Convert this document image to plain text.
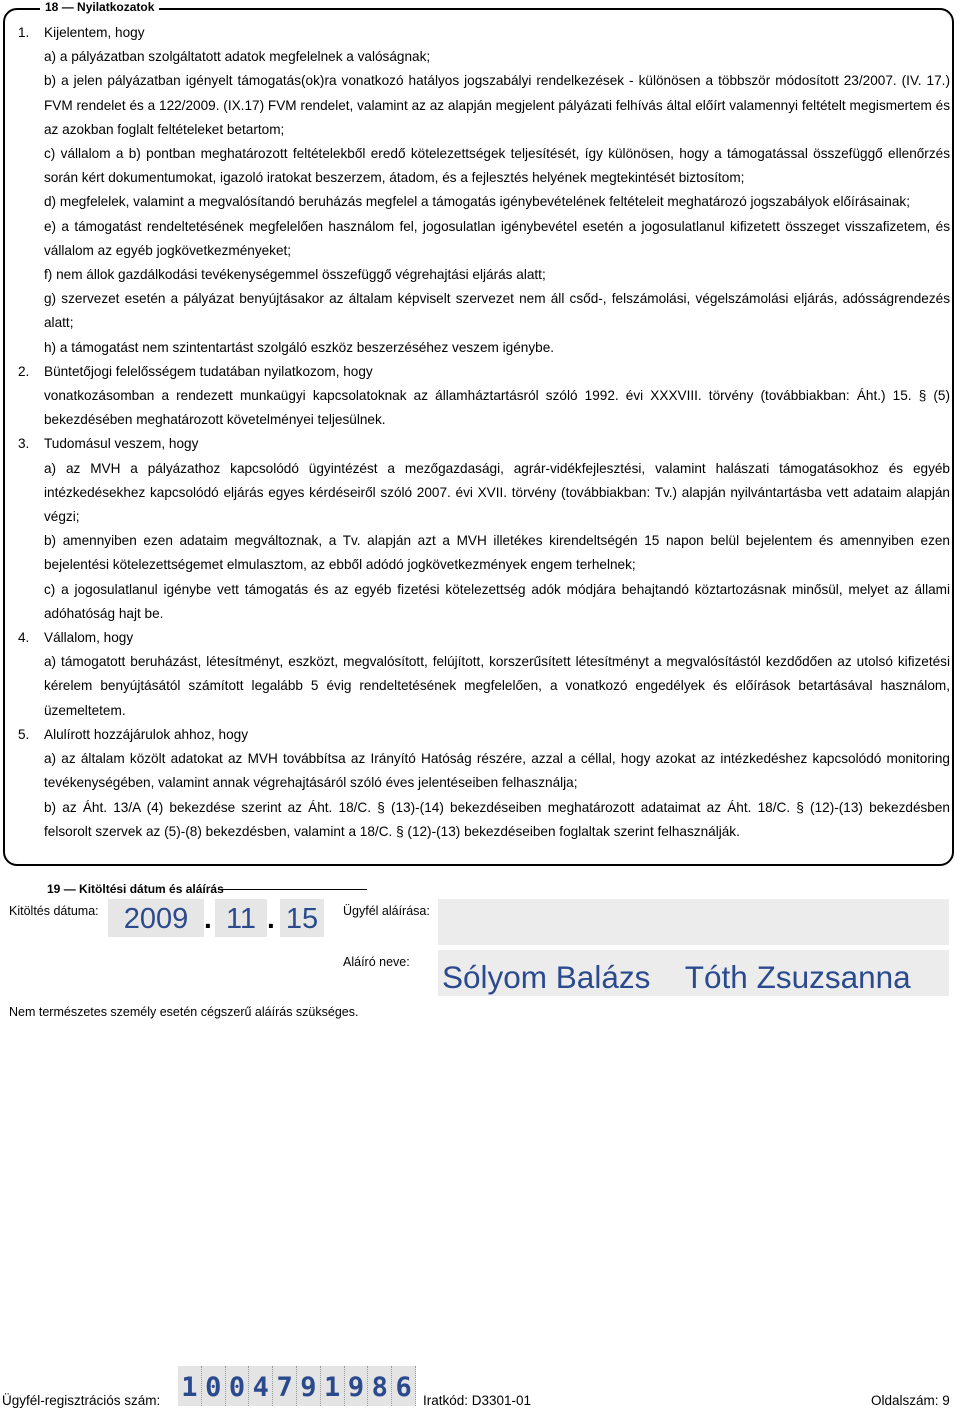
18 — Nyilatkozatok

1. Kijelentem, hogy

a) a pályázatban szolgáltatott adatok megfelelnek a valóságnak;

b) a jelen pályázatban igényelt támogatás(ok)ra vonatkozó hatályos jogszabályi rendelkezések - különösen a többször módosított 23/2007. (IV. 17.) FVM rendelet és a 122/2009. (IX.17) FVM rendelet, valamint az az alapján megjelent pályázati felhívás által előírt valamennyi feltételt megismertem és az azokban foglalt feltételeket betartom;

c) vállalom a b) pontban meghatározott feltételekből eredő kötelezettségek teljesítését, így különösen, hogy a támogatással összefüggő ellenőrzés során kért dokumentumokat, igazoló iratokat beszerzem, átadom, és a fejlesztés helyének megtekintését biztosítom;

d) megfelelek, valamint a megvalósítandó beruházás megfelel a támogatás igénybevételének feltételeit meghatározó jogszabályok előírásainak;

e) a támogatást rendeltetésének megfelelően használom fel, jogosulatlan igénybevétel esetén a jogosulatlanul kifizetett összeget visszafizetem, és vállalom az egyéb jogkövetkezményeket;

f) nem állok gazdálkodási tevékenységemmel összefüggő végrehajtási eljárás alatt;

g) szervezet esetén a pályázat benyújtásakor az általam képviselt szervezet nem áll csőd-, felszámolási, végelszámolási eljárás, adósságrendezés alatt;

h) a támogatást nem szintentartást szolgáló eszköz beszerzéséhez veszem igénybe.

2. Büntetőjogi felelősségem tudatában nyilatkozom, hogy

vonatkozásomban a rendezett munkaügyi kapcsolatoknak az államháztartásról szóló 1992. évi XXXVIII. törvény (továbbiakban: Áht.) 15. § (5) bekezdésében meghatározott követelményei teljesülnek.

3. Tudomásul veszem, hogy

a) az MVH a pályázathoz kapcsolódó ügyintézést a mezőgazdasági, agrár-vidékfejlesztési, valamint halászati támogatásokhoz és egyéb intézkedésekhez kapcsolódó eljárás egyes kérdéseiről szóló 2007. évi XVII. törvény (továbbiakban: Tv.) alapján nyilvántartásba vett adataim alapján végzi;

b) amennyiben ezen adataim megváltoznak, a Tv. alapján azt a MVH illetékes kirendeltségén 15 napon belül bejelentem és amennyiben ezen bejelentési kötelezettségemet elmulasztom, az ebből adódó jogkövetkezmények engem terhelnek;

c) a jogosulatlanul igénybe vett támogatás és az egyéb fizetési kötelezettség adók módjára behajtandó köztartozásnak minősül, melyet az állami adóhatóság hajt be.

4. Vállalom, hogy

a) támogatott beruházást, létesítményt, eszközt, megvalósított, felújított, korszerűsített létesítményt a megvalósítástól kezdődően az utolsó kifizetési kérelem benyújtásától számított legalább 5 évig rendeltetésének megfelelően, a vonatkozó engedélyek és előírások betartásával használom, üzemeltetem.

5. Alulírott hozzájárulok ahhoz, hogy

a) az általam közölt adatokat az MVH továbbítsa az Irányító Hatóság részére, azzal a céllal, hogy azokat az intézkedéshez kapcsolódó monitoring tevékenységében, valamint annak végrehajtásáról szóló éves jelentéseiben felhasználja;

b) az Áht. 13/A (4) bekezdése szerint az Áht. 18/C. § (13)-(14) bekezdéseiben meghatározott adataimat az Áht. 18/C. § (12)-(13) bekezdésben felsorolt szervek az (5)-(8) bekezdésben, valamint a 18/C. § (12)-(13) bekezdéseiben foglaltak szerint felhasználják.

19 — Kitöltési dátum és aláírás
Kitöltés dátuma: 2009 . 11 . 15	Ügyfél aláírása:
Aláíró neve: Sólyom Balázs Tóth Zsuzsanna
Nem természetes személy esetén cégszerű aláírás szükséges.
Ügyfél-regisztrációs szám: 1 0 0 4 7 9 1 9 8 6 Iratkód: D3301-01	Oldalszám: 9
